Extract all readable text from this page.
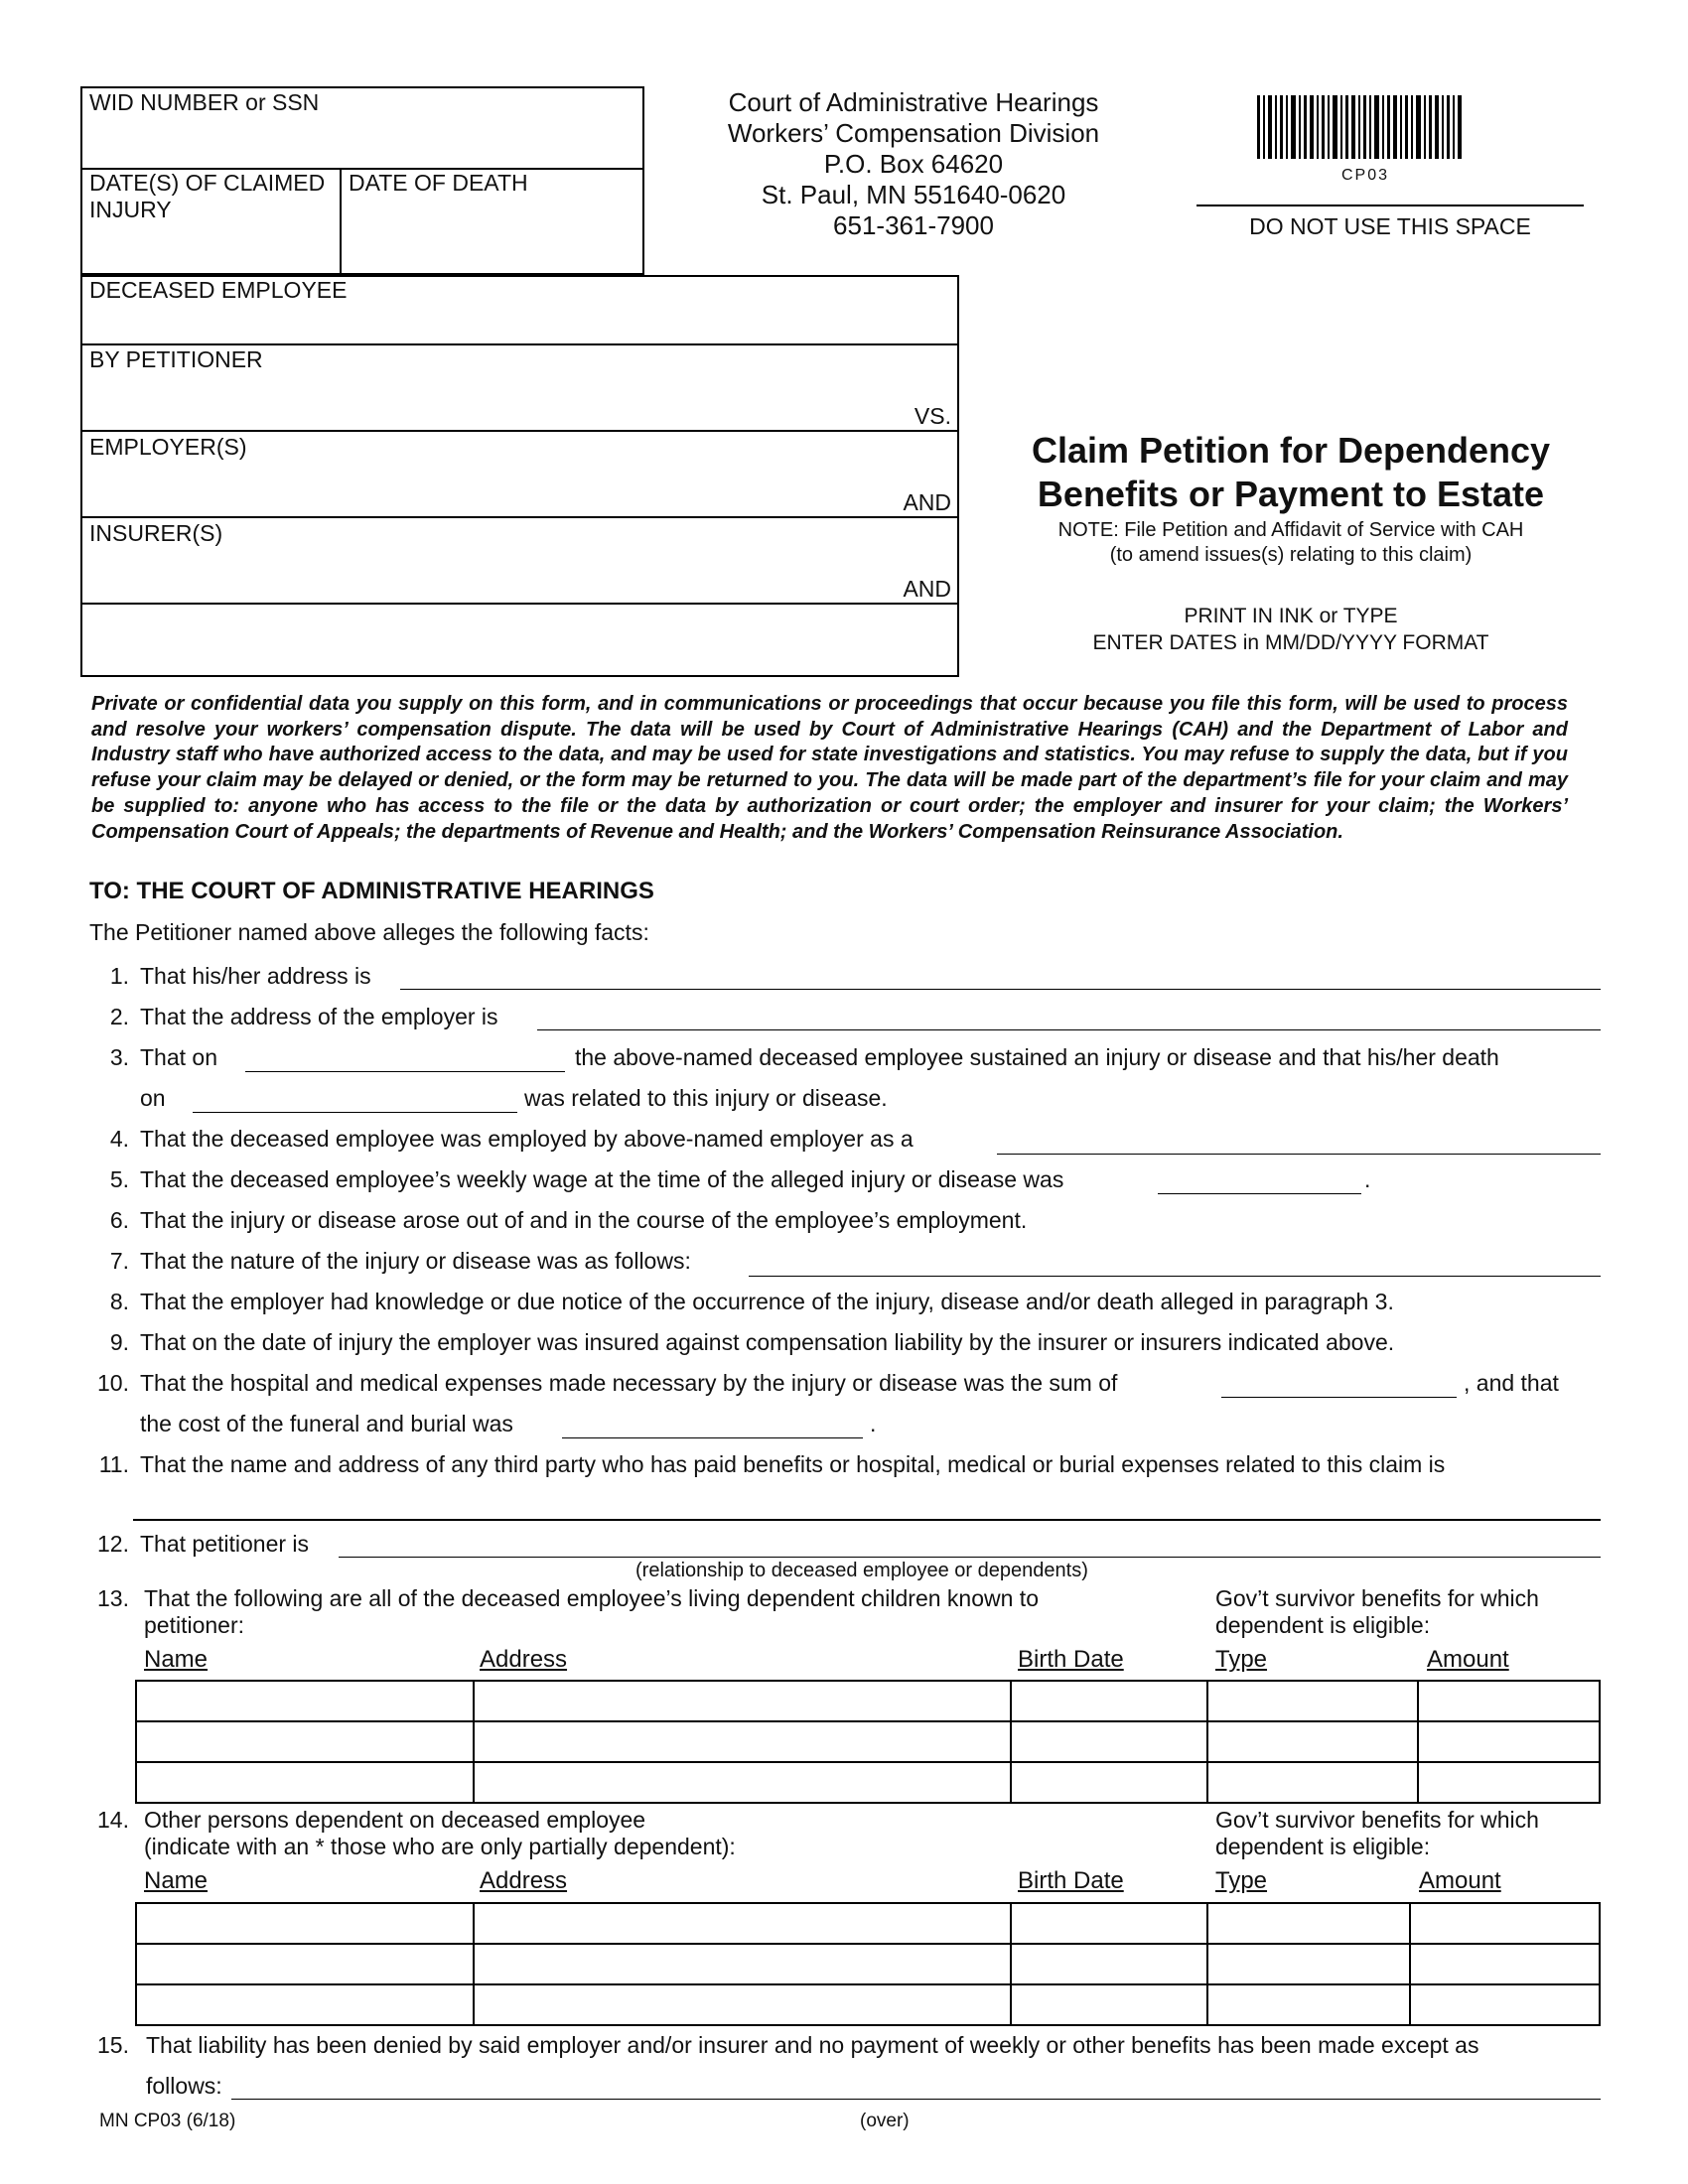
WID NUMBER or SSN
DATE(S) OF CLAIMED INJURY
DATE OF DEATH
Court of Administrative Hearings
Workers’ Compensation Division
P.O. Box 64620
St. Paul, MN 551640-0620
651-361-7900
CP03
DO NOT USE THIS SPACE
DECEASED EMPLOYEE
BY PETITIONER
VS.
EMPLOYER(S)
AND
INSURER(S)
AND
Claim Petition for Dependency
Benefits or Payment to Estate
NOTE: File Petition and Affidavit of Service with CAH
(to amend issues(s) relating to this claim)
PRINT IN INK or TYPE
ENTER DATES in MM/DD/YYYY FORMAT
Private or confidential data you supply on this form, and in communications or proceedings that occur because you file this form, will be used to process and resolve your workers’ compensation dispute. The data will be used by Court of Administrative Hearings (CAH) and the Department of Labor and Industry staff who have authorized access to the data, and may be used for state investigations and statistics. You may refuse to supply the data, but if you refuse your claim may be delayed or denied, or the form may be returned to you. The data will be made part of the department’s file for your claim and may be supplied to: anyone who has access to the file or the data by authorization or court order; the employer and insurer for your claim; the Workers’ Compensation Court of Appeals; the departments of Revenue and Health; and the Workers’ Compensation Reinsurance Association.
TO: THE COURT OF ADMINISTRATIVE HEARINGS
The Petitioner named above alleges the following facts:
1. That his/her address is
2. That the address of the employer is
3. That on	the above-named deceased employee sustained an injury or disease and that his/her death
on	was related to this injury or disease.
4. That the deceased employee was employed by above-named employer as a
5. That the deceased employee’s weekly wage at the time of the alleged injury or disease was	.
6. That the injury or disease arose out of and in the course of the employee’s employment.
7. That the nature of the injury or disease was as follows:
8. That the employer had knowledge or due notice of the occurrence of the injury, disease and/or death alleged in paragraph 3.
9. That on the date of injury the employer was insured against compensation liability by the insurer or insurers indicated above.
10. That the hospital and medical expenses made necessary by the injury or disease was the sum of	, and that
the cost of the funeral and burial was	.
11. That the name and address of any third party who has paid benefits or hospital, medical or burial expenses related to this claim is
12. That petitioner is
(relationship to deceased employee or dependents)
13. That the following are all of the deceased employee’s living dependent children known to
petitioner:
Gov’t survivor benefits for which
dependent is eligible:
Name	Address	Birth Date	Type	Amount

14. Other persons dependent on deceased employee
(indicate with an * those who are only partially dependent):
Gov’t survivor benefits for which
dependent is eligible:
Name	Address	Birth Date	Type	Amount

15. That liability has been denied by said employer and/or insurer and no payment of weekly or other benefits has been made except as
follows:
MN CP03 (6/18)	(over)
